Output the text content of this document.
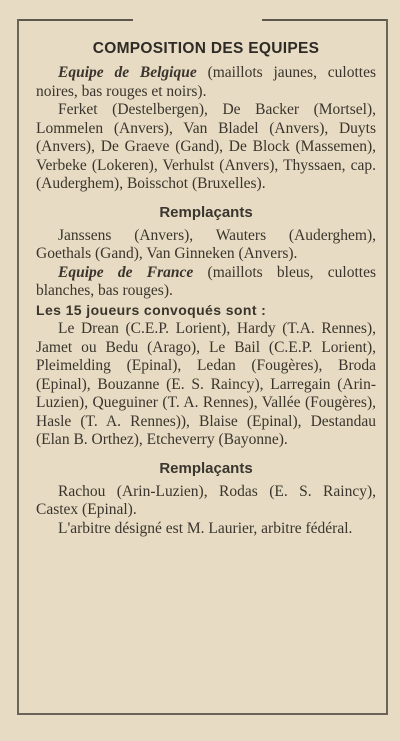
COMPOSITION DES EQUIPES

Equipe de Belgique (maillots jaunes, culottes noires, bas rouges et noirs).

Ferket (Destelbergen), De Backer (Mortsel), Lommelen (Anvers), Van Bladel (Anvers), Duyts (Anvers), De Graeve (Gand), De Block (Massemen), Verbeke (Lokeren), Verhulst (Anvers), Thyssaen, cap. (Auderghem), Boisschot (Bruxelles).

Remplaçants

Janssens (Anvers), Wauters (Auderghem), Goethals (Gand), Van Ginneken (Anvers).

Equipe de France (maillots bleus, culottes blanches, bas rouges).

Les 15 joueurs convoqués sont :

Le Drean (C.E.P. Lorient), Hardy (T.A. Rennes), Jamet ou Bedu (Arago), Le Bail (C.E.P. Lorient), Pleimelding (Epinal), Ledan (Fougères), Broda (Epinal), Bouzanne (E. S. Raincy), Larregain (Arin-Luzien), Queguiner (T. A. Rennes), Vallée (Fougères), Hasle (T. A. Rennes)), Blaise (Epinal), Destandau (Elan B. Orthez), Etcheverry (Bayonne).

Remplaçants

Rachou (Arin-Luzien), Rodas (E. S. Raincy), Castex (Epinal).

L'arbitre désigné est M. Laurier, arbitre fédéral.
